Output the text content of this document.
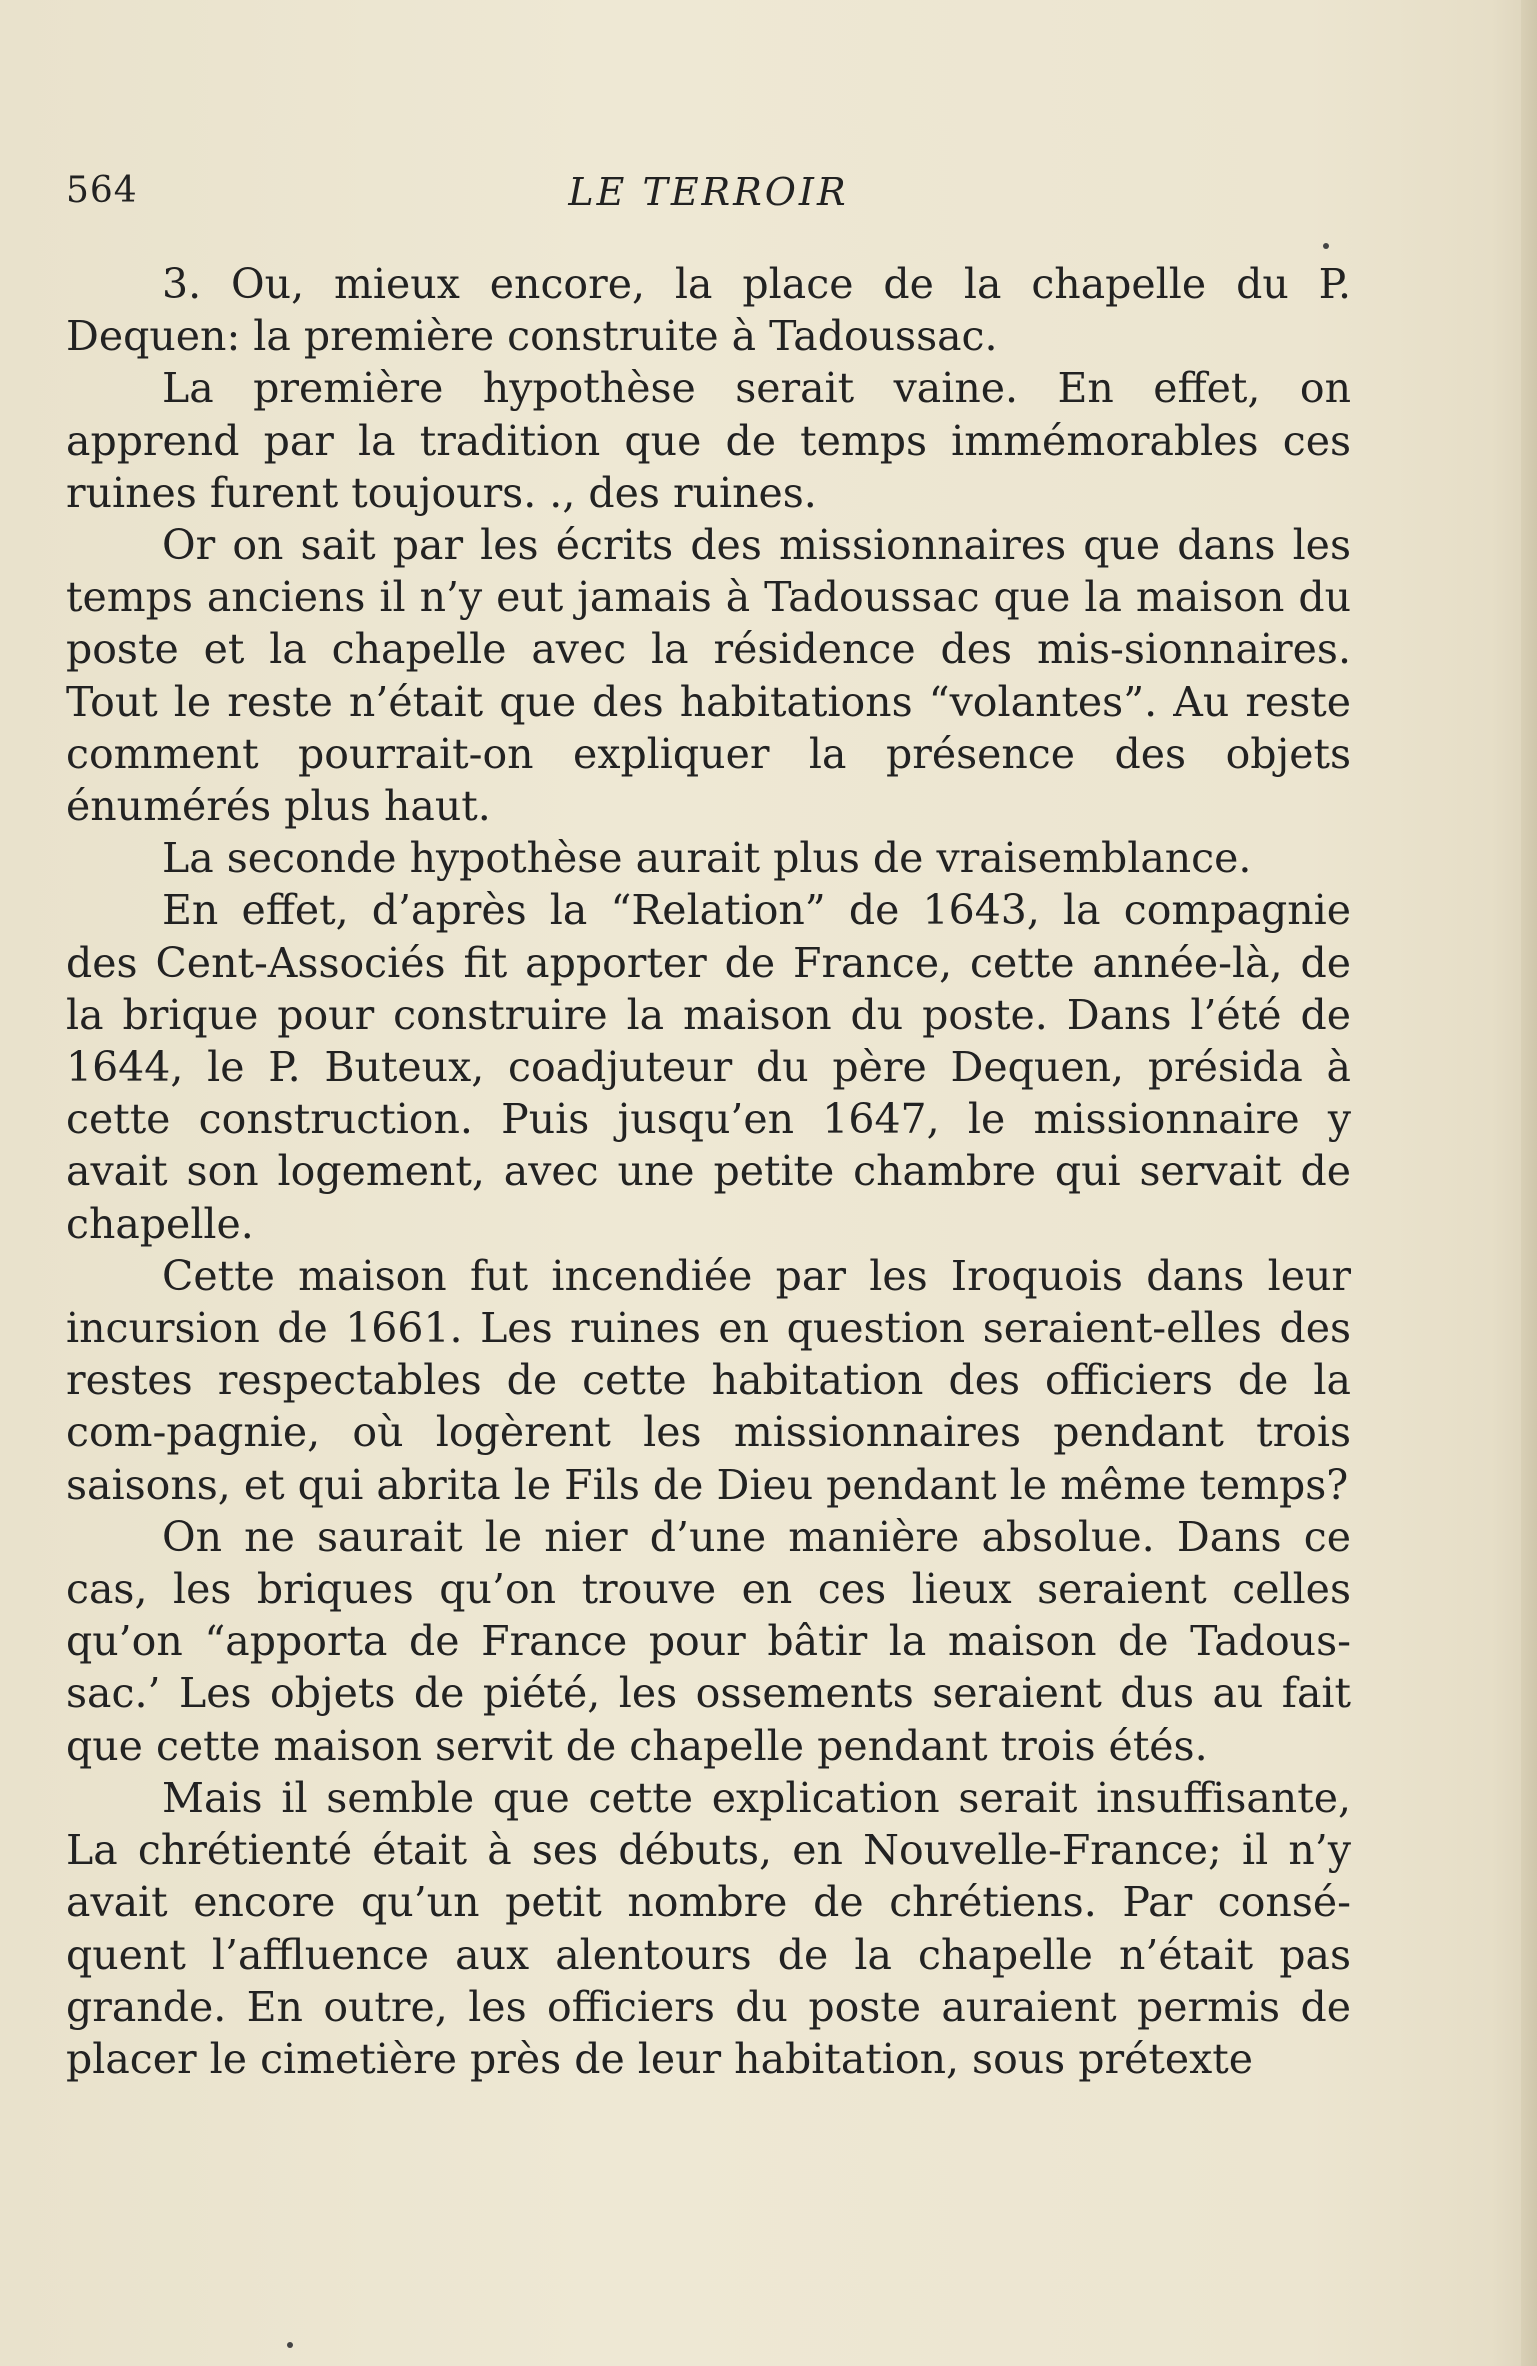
564	LE TERROIR

3. Ou, mieux encore, la place de la chapelle du P. Dequen: la première construite à Tadoussac.

La première hypothèse serait vaine. En effet, on apprend par la tradition que de temps immémorables ces ruines furent toujours. ., des ruines.

Or on sait par les écrits des missionnaires que dans les temps anciens il n’y eut jamais à Tadoussac que la maison du poste et la chapelle avec la résidence des mis-sionnaires. Tout le reste n’était que des habitations “volantes”. Au reste comment pourrait-on expliquer la présence des objets énumérés plus haut.

La seconde hypothèse aurait plus de vraisemblance.

En effet, d’après la “Relation” de 1643, la compagnie des Cent-Associés fit apporter de France, cette année-là, de la brique pour construire la maison du poste. Dans l’été de 1644, le P. Buteux, coadjuteur du père Dequen, présida à cette construction. Puis jusqu’en 1647, le missionnaire y avait son logement, avec une petite chambre qui servait de chapelle.

Cette maison fut incendiée par les Iroquois dans leur incursion de 1661. Les ruines en question seraient-elles des restes respectables de cette habitation des officiers de la com-pagnie, où logèrent les missionnaires pendant trois saisons, et qui abrita le Fils de Dieu pendant le même temps?

On ne saurait le nier d’une manière absolue. Dans ce cas, les briques qu’on trouve en ces lieux seraient celles qu’on “apporta de France pour bâtir la maison de Tadous-sac.’ Les objets de piété, les ossements seraient dus au fait que cette maison servit de chapelle pendant trois étés.

Mais il semble que cette explication serait insuffisante, La chrétienté était à ses débuts, en Nouvelle-France; il n’y avait encore qu’un petit nombre de chrétiens. Par consé-quent l’affluence aux alentours de la chapelle n’était pas grande. En outre, les officiers du poste auraient permis de placer le cimetière près de leur habitation, sous prétexte
